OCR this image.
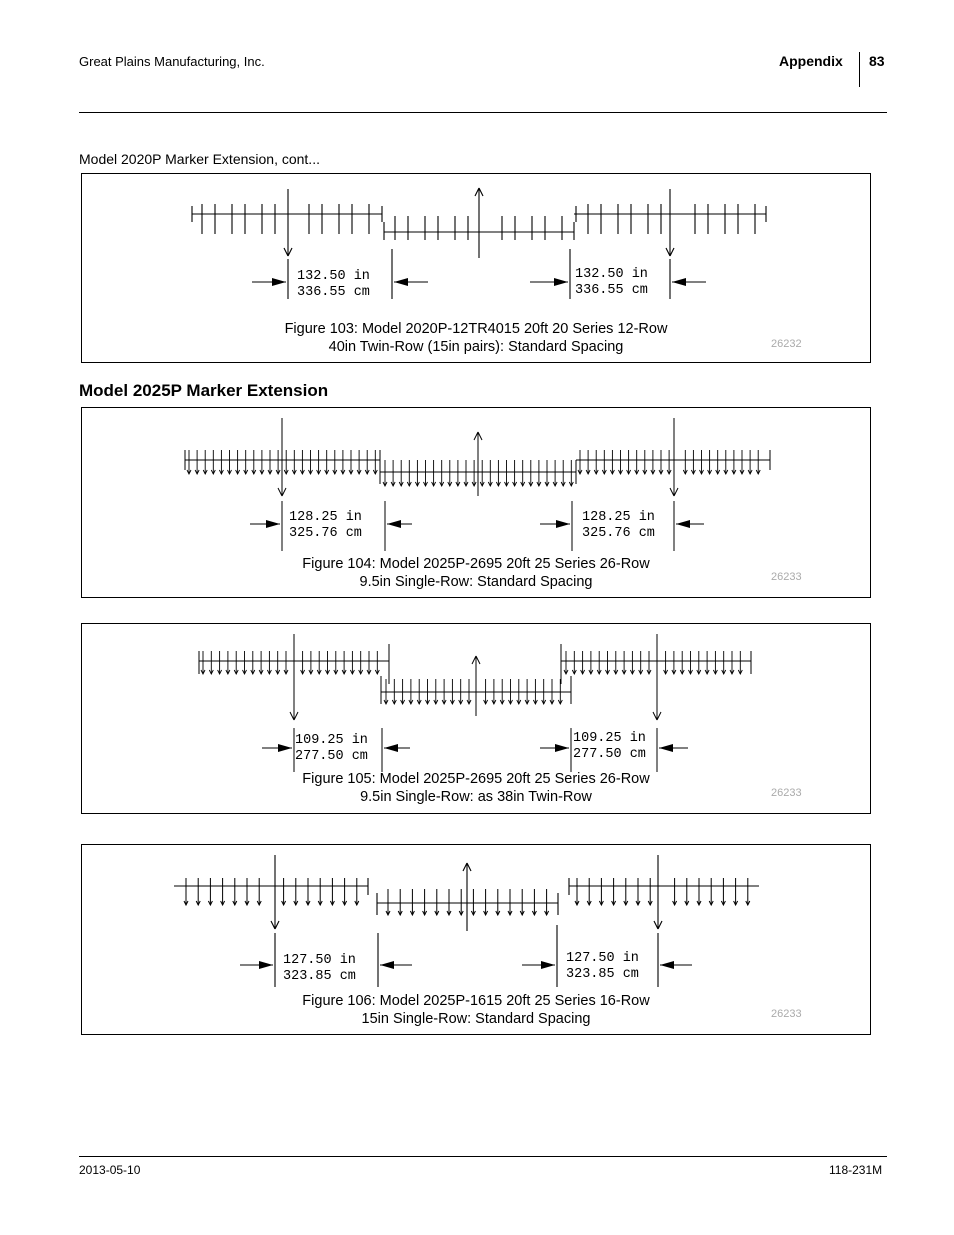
Great Plains Manufacturing, Inc.	Appendix 83
Model 2020P Marker Extension, cont...
132.50 in
336.55 cm
132.50 in
336.55 cm
Figure 103: Model 2020P-12TR4015 20ft 20 Series 12-Row
40in Twin-Row (15in pairs): Standard Spacing	26232
Model 2025P Marker Extension
128.25 in
325.76 cm
128.25 in
325.76 cm
Figure 104: Model 2025P-2695 20ft 25 Series 26-Row
9.5in Single-Row: Standard Spacing	26233
109.25 in
277.50 cm
109.25 in
277.50 cm
Figure 105: Model 2025P-2695 20ft 25 Series 26-Row
9.5in Single-Row: as 38in Twin-Row	26233
127.50 in
323.85 cm
127.50 in
323.85 cm
Figure 106: Model 2025P-1615 20ft 25 Series 16-Row
15in Single-Row: Standard Spacing	26233
2013-05-10	118-231M
